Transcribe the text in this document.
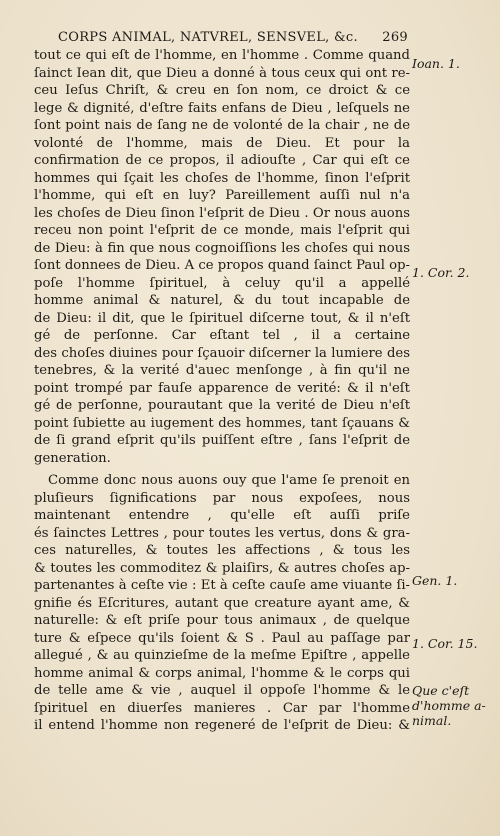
CORPS ANIMAL, NATVREL, SENSVEL, &c. 269
tout ce qui eſt de l'homme, en l'homme . Comme quand
ſainct Iean dit, que Dieu a donné à tous ceux qui ont re-
ceu Ieſus Chriſt, & creu en ſon nom, ce droict & ce
lege & dignité, d'eſtre faits enfans de Dieu , leſquels ne
ſont point nais de ſang ne de volonté de la chair , ne de
volonté de l'homme, mais de Dieu. Et pour la
confirmation de ce propos, il adiouſte , Car qui eſt ce
hommes qui ſçait les choſes de l'homme, ſinon l'eſprit
l'homme, qui eſt en luy? Pareillement auſſi nul n'a
les choſes de Dieu ſinon l'eſprit de Dieu . Or nous auons
receu non point l'eſprit de ce monde, mais l'eſprit qui
de Dieu: à fin que nous cognoiſſions les choſes qui nous
ſont donnees de Dieu. A ce propos quand ſainct Paul op-
poſe l'homme ſpirituel, à celuy qu'il a appellé
homme animal & naturel, & du tout incapable de
de Dieu: il dit, que le ſpirituel diſcerne tout, & il n'eſt
gé de perſonne. Car eſtant tel , il a certaine
des choſes diuines pour ſçauoir diſcerner la lumiere des
tenebres, & la verité d'auec menſonge , à fin qu'il ne
point trompé par fauſe apparence de verité: & il n'eſt
gé de perſonne, pourautant que la verité de Dieu n'eſt
point ſubiette au iugement des hommes, tant ſçauans &
de ſi grand eſprit qu'ils puiſſent eſtre , ſans l'eſprit de
generation.
Comme donc nous auons ouy que l'ame ſe prenoit en
pluſieurs ſignifications par nous expoſees, nous
maintenant entendre , qu'elle eſt auſſi priſe
és ſainctes Lettres , pour toutes les vertus, dons & gra-
ces naturelles, & toutes les affections , & tous les
& toutes les commoditez & plaiſirs, & autres choſes ap-
partenantes à ceſte vie : Et à ceſte cauſe ame viuante ſi-
gnifie és Eſcritures, autant que creature ayant ame, &
naturelle: & eſt priſe pour tous animaux , de quelque
ture & eſpece qu'ils ſoient & S . Paul au paſſage par
allegué , & au quinzieſme de la meſme Epiſtre , appelle
homme animal & corps animal, l'homme & le corps qui
de telle ame & vie , auquel il oppoſe l'homme & le
ſpirituel en diuerſes manieres . Car par l'homme
il entend l'homme non regeneré de l'eſprit de Dieu: &
Ioan. 1.
1. Cor. 2.
Gen. 1.
1. Cor. 15.
Que c'eſt
d'homme a-
nimal.
